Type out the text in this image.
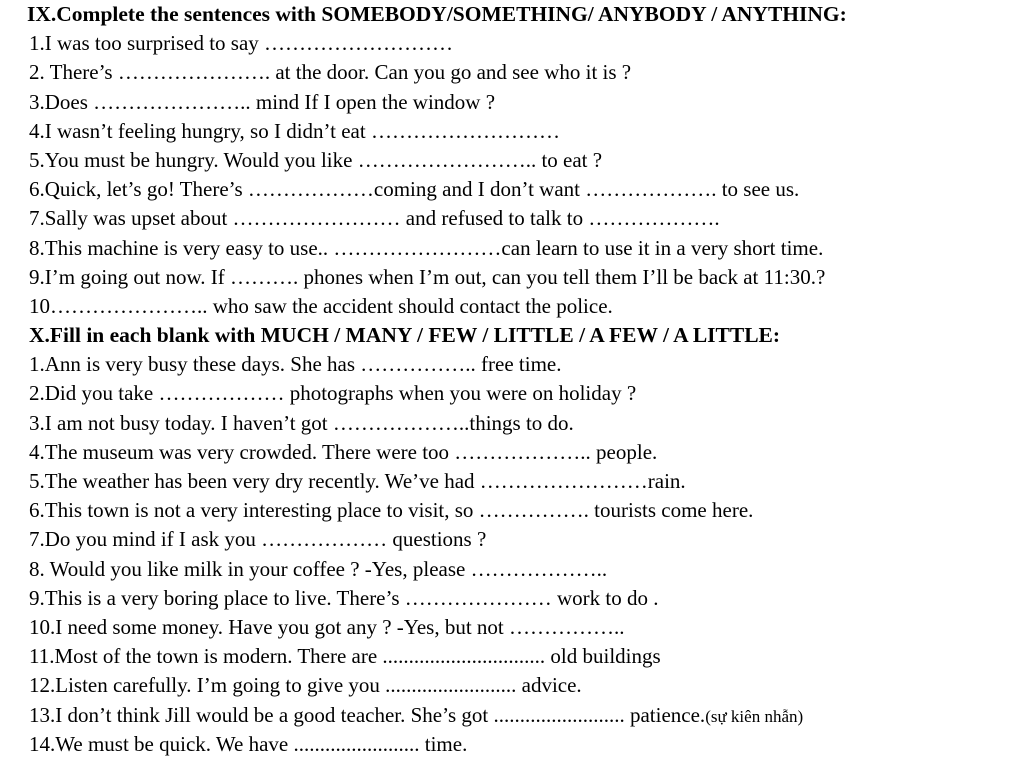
IX.Complete the sentences with SOMEBODY/SOMETHING/ ANYBODY / ANYTHING:
1.I was too surprised to say ………………………
2. There’s …………………. at the door. Can you go and see who it is ?
3.Does ………………….. mind If I open the window ?
4.I wasn’t feeling hungry, so I didn’t eat ………………………
5.You must be hungry. Would you like …………………….. to eat ?
6.Quick, let’s go! There’s ………………coming and I don’t want ………………. to see us.
7.Sally was upset about …………………… and refused to talk to ……………….
8.This machine is very easy to use.. ……………………can learn to use it in a very short time.
9.I’m going out now. If ………. phones when I’m out, can you tell them I’ll be back at 11:30.?
10………………….. who saw the accident should contact the police.
X.Fill in each blank with MUCH / MANY / FEW / LITTLE / A FEW / A LITTLE:
1.Ann is very busy these days. She has …………….. free time.
2.Did you take ……………… photographs when you were on holiday ?
3.I am not busy today. I haven’t got ………………..things to do.
4.The museum was very crowded. There were too ……………….. people.
5.The weather has been very dry recently. We’ve had ……………………rain.
6.This town is not a very interesting place to visit, so ……………. tourists come here.
7.Do you mind if I ask you ……………… questions ?
8. Would you like milk in your coffee ? -Yes, please ………………..
9.This is a very boring place to live. There’s ………………… work to do .
10.I need some money. Have you got any ? -Yes, but not ……………..
11.Most of the town is modern. There are ............................... old buildings
12.Listen carefully. I’m going to give you ......................... advice.
13.I don’t think Jill would be a good teacher. She’s got ......................... patience.(sự kiên nhẫn)
14.We must be quick. We have ........................ time.
